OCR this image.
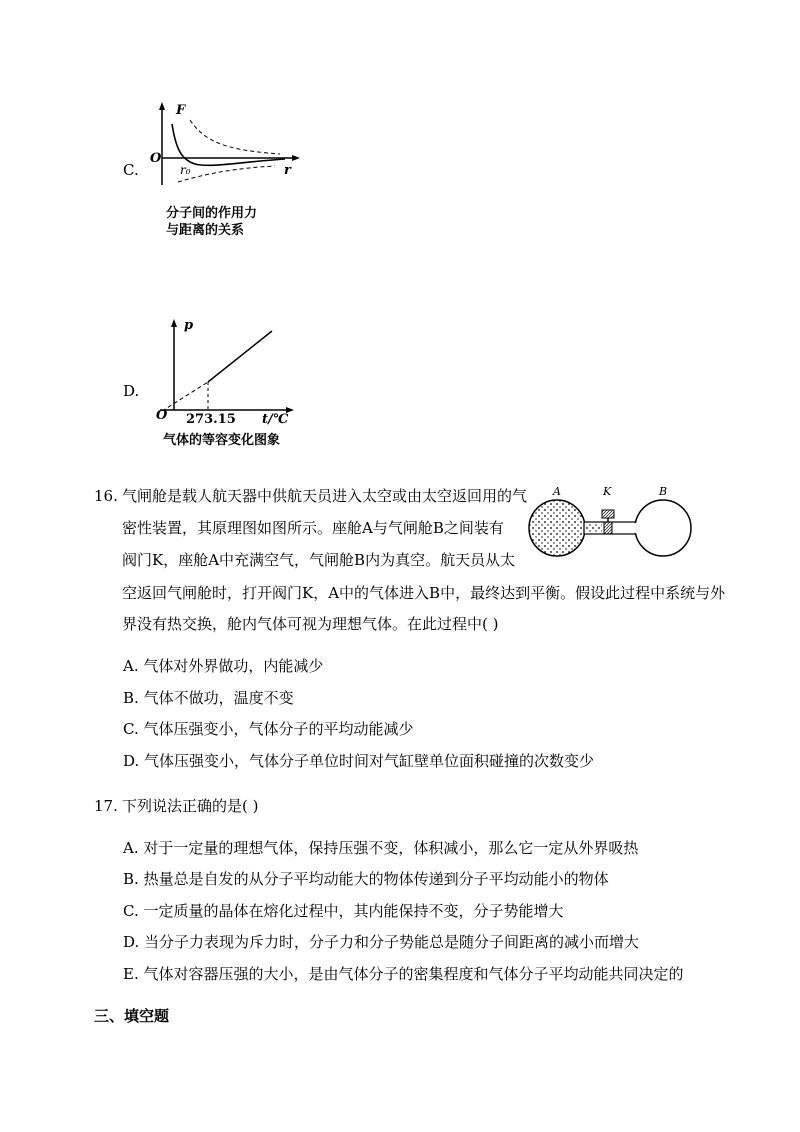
C.
F
O
r₀	r
分子间的作用力
与距离的关系
D.
p
O 273.15 t/℃
气体的等容变化图象
16. 气闸舱是载人航天器中供航天员进入太空或由太空返回用的气
密性装置，其原理图如图所示。座舱A与气闸舱B之间装有
阀门K，座舱A中充满空气，气闸舱B内为真空。航天员从太
空返回气闸舱时，打开阀门K，A中的气体进入B中，最终达到平衡。假设此过程中系统与外
界没有热交换，舱内气体可视为理想气体。在此过程中( )
A	K	B
A. 气体对外界做功，内能减少
B. 气体不做功，温度不变
C. 气体压强变小，气体分子的平均动能减少
D. 气体压强变小，气体分子单位时间对气缸壁单位面积碰撞的次数变少
17. 下列说法正确的是( )
A. 对于一定量的理想气体，保持压强不变，体积减小，那么它一定从外界吸热
B. 热量总是自发的从分子平均动能大的物体传递到分子平均动能小的物体
C. 一定质量的晶体在熔化过程中，其内能保持不变，分子势能增大
D. 当分子力表现为斥力时，分子力和分子势能总是随分子间距离的减小而增大
E. 气体对容器压强的大小，是由气体分子的密集程度和气体分子平均动能共同决定的
三、填空题
